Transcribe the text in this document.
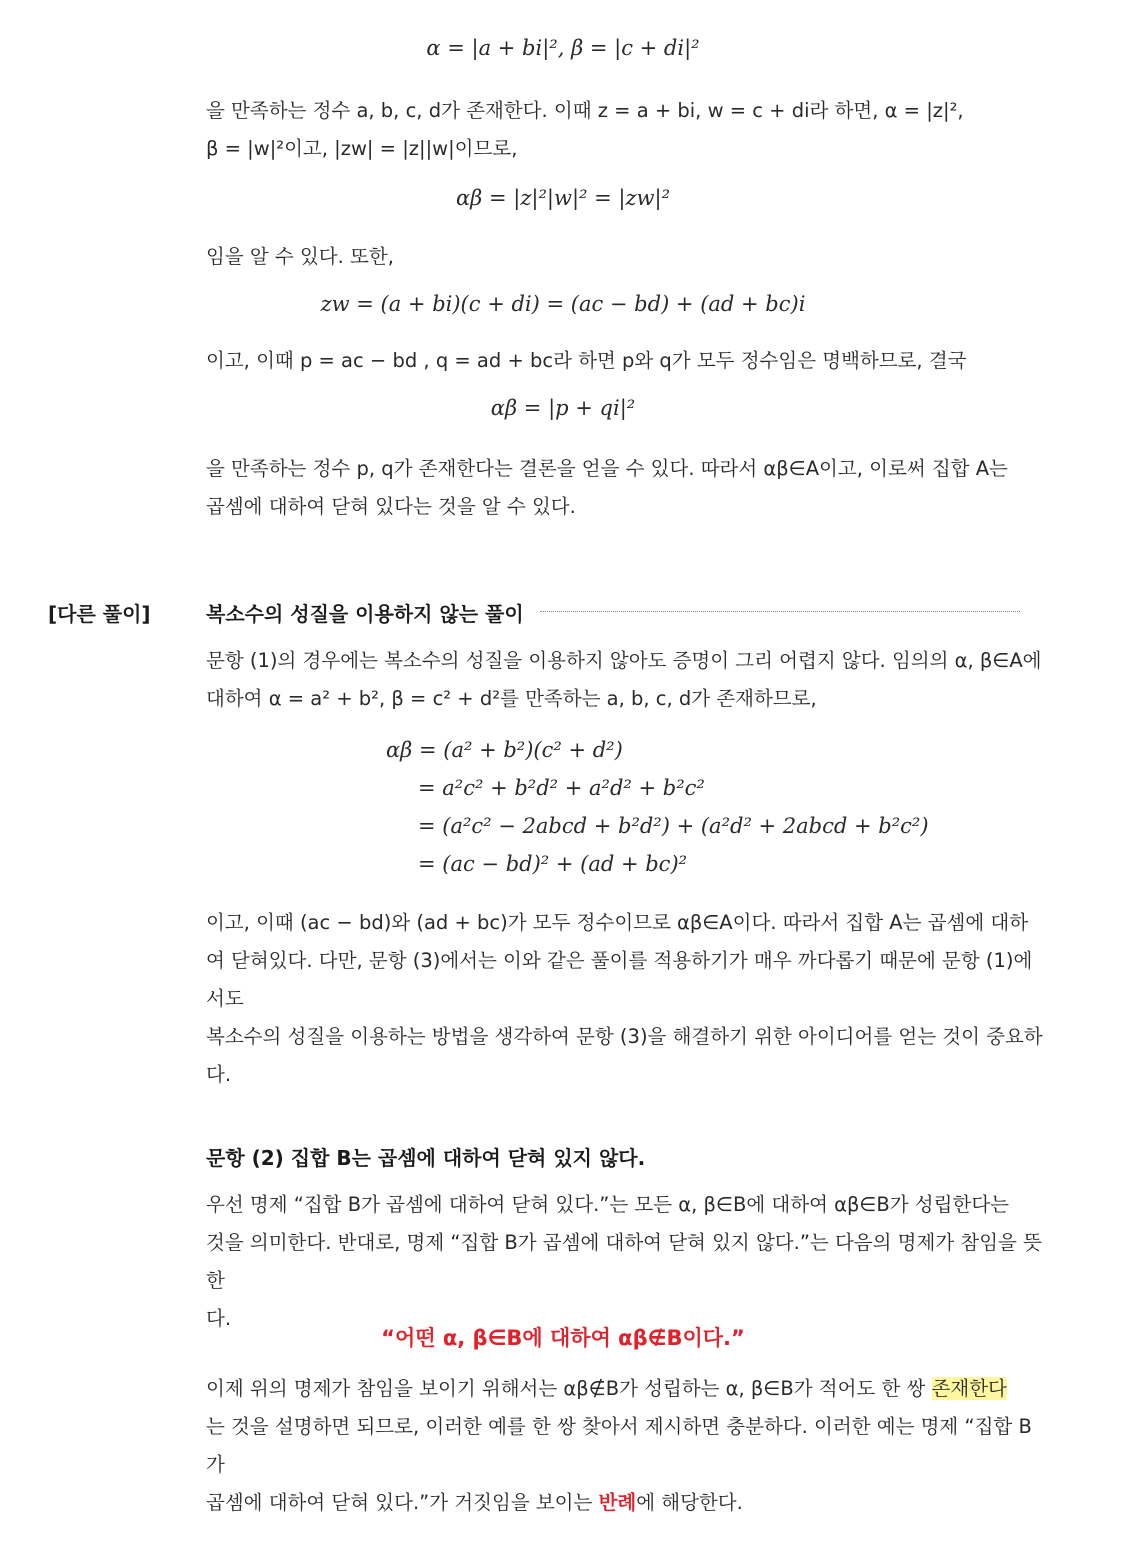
α = |a + bi|², β = |c + di|²
을 만족하는 정수 a, b, c, d가 존재한다. 이때 z = a + bi, w = c + di라 하면, α = |z|²,
β = |w|²이고, |zw| = |z||w|이므로,
αβ = |z|²|w|² = |zw|²
임을 알 수 있다. 또한,
zw = (a + bi)(c + di) = (ac − bd) + (ad + bc)i
이고, 이때 p = ac − bd , q = ad + bc라 하면 p와 q가 모두 정수임은 명백하므로, 결국
αβ = |p + qi|²
을 만족하는 정수 p, q가 존재한다는 결론을 얻을 수 있다. 따라서 αβ∈A이고, 이로써 집합 A는
곱셈에 대하여 닫혀 있다는 것을 알 수 있다.
[다른 풀이]	복소수의 성질을 이용하지 않는 풀이
문항 (1)의 경우에는 복소수의 성질을 이용하지 않아도 증명이 그리 어렵지 않다. 임의의 α, β∈A에
대하여 α = a² + b², β = c² + d²를 만족하는 a, b, c, d가 존재하므로,
αβ = (a² + b²)(c² + d²)
= a²c² + b²d² + a²d² + b²c²
= (a²c² − 2abcd + b²d²) + (a²d² + 2abcd + b²c²)
= (ac − bd)² + (ad + bc)²
이고, 이때 (ac − bd)와 (ad + bc)가 모두 정수이므로 αβ∈A이다. 따라서 집합 A는 곱셈에 대하
여 닫혀있다. 다만, 문항 (3)에서는 이와 같은 풀이를 적용하기가 매우 까다롭기 때문에 문항 (1)에서도
복소수의 성질을 이용하는 방법을 생각하여 문항 (3)을 해결하기 위한 아이디어를 얻는 것이 중요하다.
문항 (2) 집합 B는 곱셈에 대하여 닫혀 있지 않다.
우선 명제 “집합 B가 곱셈에 대하여 닫혀 있다.”는 모든 α, β∈B에 대하여 αβ∈B가 성립한다는
것을 의미한다. 반대로, 명제 “집합 B가 곱셈에 대하여 닫혀 있지 않다.”는 다음의 명제가 참임을 뜻한
다.
“어떤 α, β∈B에 대하여 αβ∉B이다.”
이제 위의 명제가 참임을 보이기 위해서는 αβ∉B가 성립하는 α, β∈B가 적어도 한 쌍 존재한다
는 것을 설명하면 되므로, 이러한 예를 한 쌍 찾아서 제시하면 충분하다. 이러한 예는 명제 “집합 B가
곱셈에 대하여 닫혀 있다.”가 거짓임을 보이는 반례에 해당한다.
